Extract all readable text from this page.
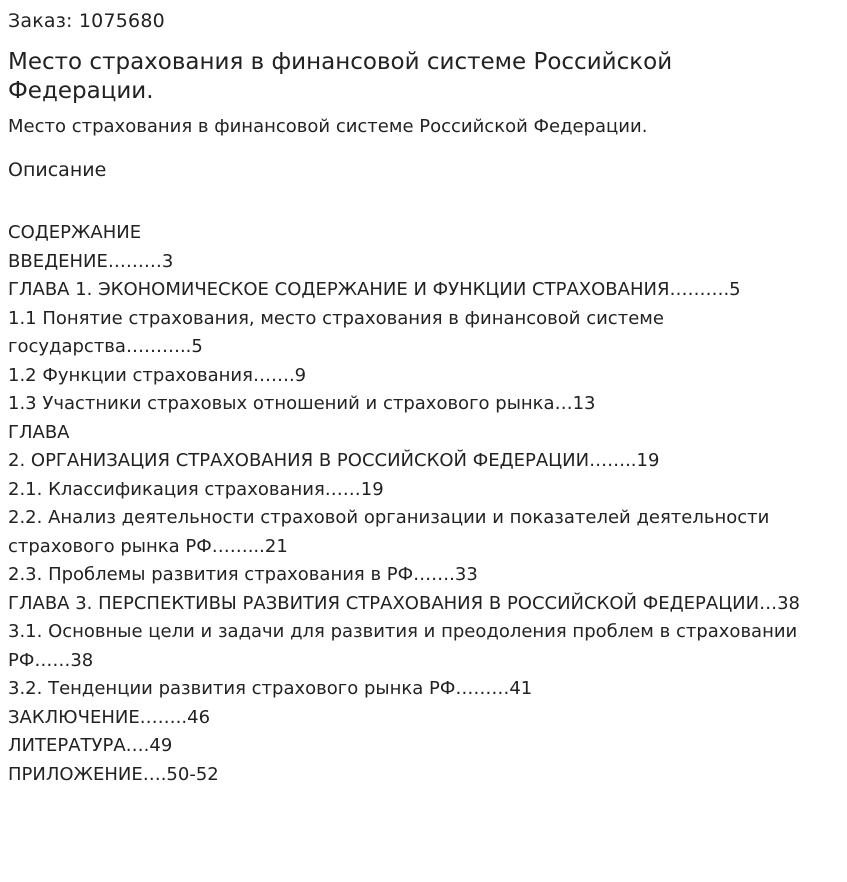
Заказ: 1075680
Место страхования в финансовой системе Российской Федерации.
Место страхования в финансовой системе Российской Федерации.
Описание
СОДЕРЖАНИЕ
ВВЕДЕНИЕ………3
ГЛАВА 1. ЭКОНОМИЧЕСКОЕ СОДЕРЖАНИЕ И ФУНКЦИИ СТРАХОВАНИЯ……….5
1.1 Понятие страхования, место страхования в финансовой системе государства………..5
1.2 Функции страхования…….9
1.3 Участники страховых отношений и страхового рынка…13
ГЛАВА
2. ОРГАНИЗАЦИЯ СТРАХОВАНИЯ В РОССИЙСКОЙ ФЕДЕРАЦИИ……..19
2.1. Классификация страхования……19
2.2. Анализ деятельности страховой организации и показателей деятельности страхового рынка РФ……...21
2.3. Проблемы развития страхования в РФ…….33
ГЛАВА 3. ПЕРСПЕКТИВЫ РАЗВИТИЯ СТРАХОВАНИЯ В РОССИЙСКОЙ ФЕДЕРАЦИИ…38
3.1. Основные цели и задачи для развития и преодоления проблем в страховании РФ……38
3.2. Тенденции развития страхового рынка РФ………41
ЗАКЛЮЧЕНИЕ……..46
ЛИТЕРАТУРА….49
ПРИЛОЖЕНИЕ….50-52
